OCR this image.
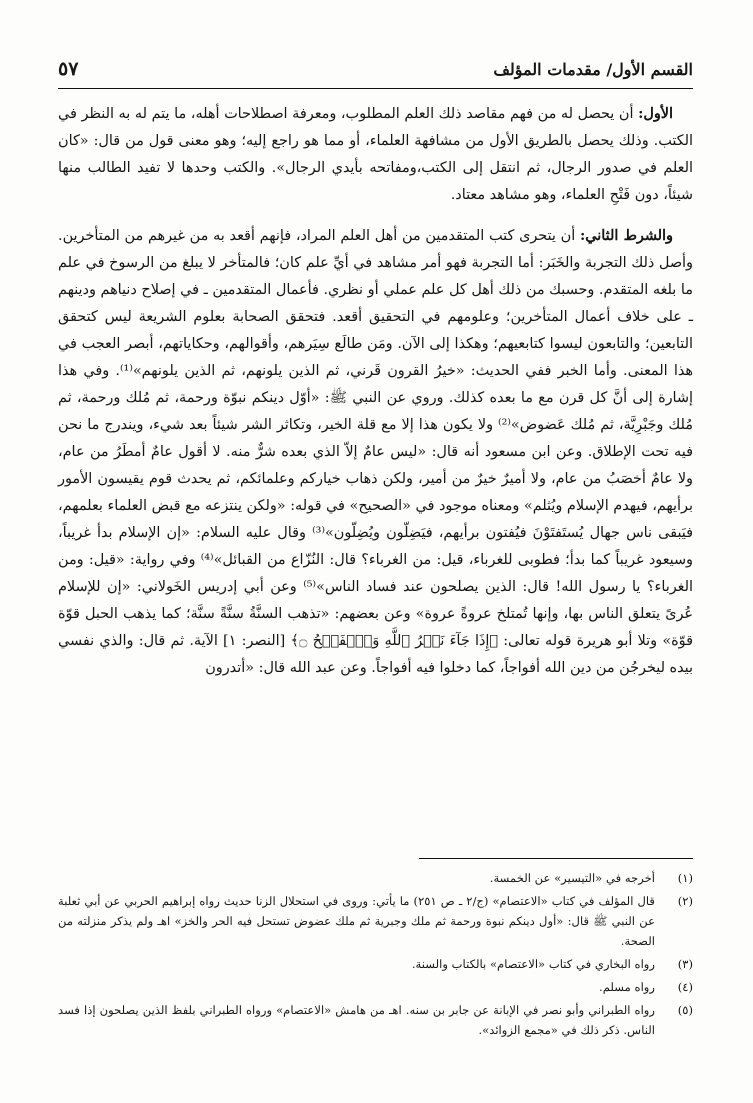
القسم الأول/ مقدمات المؤلف
٥٧

الأول: أن يحصل له من فهم مقاصد ذلك العلم المطلوب، ومعرفة اصطلاحات أهله، ما يتم له به النظر في الكتب. وذلك يحصل بالطريق الأول من مشافهة العلماء، أو مما هو راجع إليه؛ وهو معنى قول من قال: «كان العلم في صدور الرجال، ثم انتقل إلى الكتب،ومفاتحه بأيدي الرجال». والكتب وحدها لا تفيد الطالب منها شيئاً، دون فَتْحِ العلماء، وهو مشاهد معتاد.

والشرط الثاني: أن يتحرى كتب المتقدمين من أهل العلم المراد، فإنهم أقعد به من غيرهم من المتأخرين. وأصل ذلك التجربة والخَبَر: أما التجربة فهو أمر مشاهد في أيِّ علم كان؛ فالمتأخر لا يبلغ من الرسوخ في علم ما بلغه المتقدم. وحسبك من ذلك أهل كل علم عملي أو نظري. فأعمال المتقدمين ـ في إصلاح دنياهم ودينهم ـ على خلاف أعمال المتأخرين؛ وعلومهم في التحقيق أقعد. فتحقق الصحابة بعلوم الشريعة ليس كتحقق التابعين؛ والتابعون ليسوا كتابعيهم؛ وهكذا إلى الآن. ومَن طالَع سِيَرهم، وأقوالهم، وحكاياتهم، أبصر العجب في هذا المعنى. وأما الخبر ففي الحديث: «خيرُ القرون قَرني، ثم الذين يلونهم، ثم الذين يلونهم»⁽¹⁾. وفي هذا إشارة إلى أنَّ كل قرن مع ما بعده كذلك. وروي عن النبي ﷺ: «أوّل دينكم نبوّة ورحمة، ثم مُلك ورحمة، ثم مُلك وجَبْرِيَّة، ثم مُلك عَضوض»⁽²⁾ ولا يكون هذا إلا مع قلة الخير، وتكاثر الشر شيئاً بعد شيء، ويندرج ما نحن فيه تحت الإطلاق. وعن ابن مسعود أنه قال: «ليس عامٌ إلاّ الذي بعده شرٌّ منه. لا أقول عامٌ أمطَرُ من عام، ولا عامٌ أخصَبُ من عام، ولا أميرٌ خيرٌ من أمير، ولكن ذهاب خياركم وعلمائكم، ثم يحدث قوم يقيسون الأمور برأيهم، فيهدم الإسلام ويُثلم» ومعناه موجود في «الصحيح» في قوله: «ولكن ينتزعه مع قبض العلماء بعلمهم، فيَبقى ناس جهال يُستَفتَوْنَ فيُفتون برأيهم، فيَضِلّون ويُضِلّون»⁽³⁾ وقال عليه السلام: «إن الإسلام بدأ غريباً، وسيعود غريباً كما بدأ؛ فطوبى للغرباء، قيل: من الغرباء؟ قال: النُزّاع من القبائل»⁽⁴⁾ وفي رواية: «قيل: ومن الغرباء؟ يا رسول الله! قال: الذين يصلحون عند فساد الناس»⁽⁵⁾ وعن أبي إدريس الخَولاني: «إن للإسلام عُرىً يتعلق الناس بها، وإنها تُمتلخ عروةً عروة» وعن بعضهم: «تذهب السنَّةُ سنَّةً سنَّة؛ كما يذهب الحبل قوّة قوّة» وتلا أبو هريرة قوله تعالى: ﴿إِذَا جَآءَ نَصۡرُ ٱللَّهِ وَٱلۡفَتۡحُ ۝﴾ [النصر: ١] الآية. ثم قال: والذي نفسي بيده ليخرجُن من دين الله أفواجاً، كما دخلوا فيه أفواجاً. وعن عبد الله قال: «أتدرون

(١)
أخرجه في «التيسير» عن الخمسة.
(٢)
قال المؤلف في كتاب «الاعتصام» (ج/٢ ـ ص ٢٥١) ما يأتي: وروى في استحلال الزنا حديث رواه إبراهيم الحربي عن أبي ثعلبة عن النبي ﷺ قال: «أول دينكم نبوة ورحمة ثم ملك وجبرية ثم ملك عضوض تستحل فيه الحر والخز» اهـ ولم يذكر منزلته من الصحة.
(٣)
رواه البخاري في كتاب «الاعتصام» بالكتاب والسنة.
(٤)
رواه مسلم.
(٥)
رواه الطبراني وأبو نصر في الإبانة عن جابر بن سنه. اهـ من هامش «الاعتصام» ورواه الطبراني بلفظ الذين يصلحون إذا فسد الناس. ذكر ذلك في «مجمع الزوائد».
